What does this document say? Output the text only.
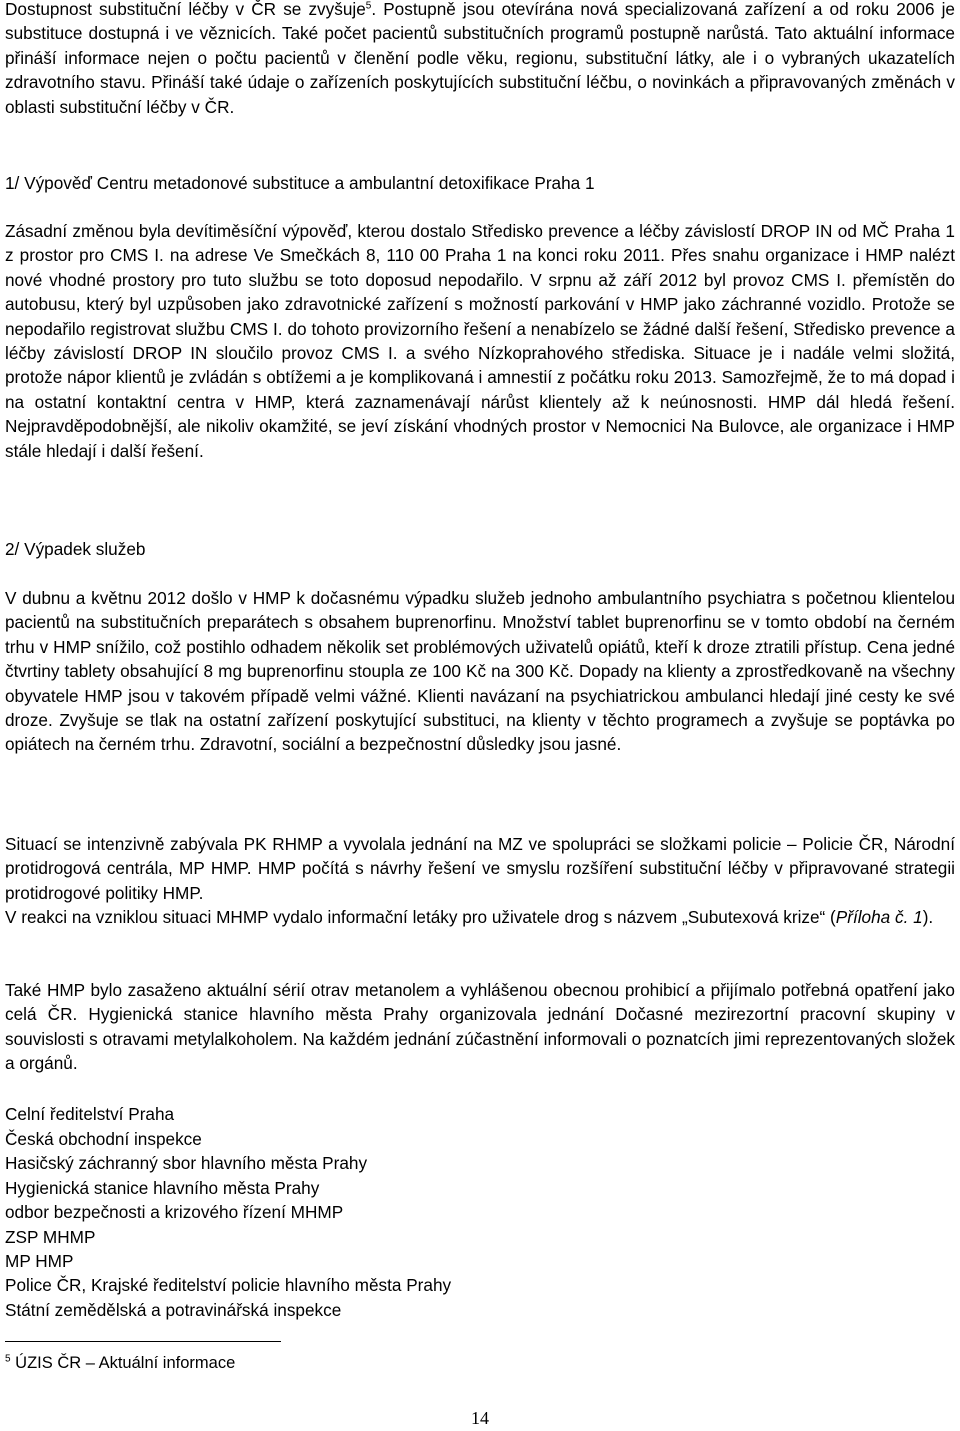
Dostupnost substituční léčby v ČR se zvyšuje$^5$. Postupně jsou otevírána nová specializovaná zařízení a od roku 2006 je substituce dostupná i ve věznicích. Také počet pacientů substitučních programů postupně narůstá. Tato aktuální informace přináší informace nejen o počtu pacientů v členění podle věku, regionu, substituční látky, ale i o vybraných ukazatelích zdravotního stavu. Přináší také údaje o zařízeních poskytujících substituční léčbu, o novinkách a připravovaných změnách v oblasti substituční léčby v ČR.

1/ Výpověď Centru metadonové substituce a ambulantní detoxifikace Praha 1

Zásadní změnou byla devítiměsíční výpověď, kterou dostalo Středisko prevence a léčby závislostí DROP IN od MČ Praha 1 z prostor pro CMS I. na adrese Ve Smečkách 8, 110 00 Praha 1 na konci roku 2011. Přes snahu organizace i HMP nalézt nové vhodné prostory pro tuto službu se toto doposud nepodařilo. V srpnu až září 2012 byl provoz CMS I. přemístěn do autobusu, který byl uzpůsoben jako zdravotnické zařízení s možností parkování v HMP jako záchranné vozidlo. Protože se nepodařilo registrovat službu CMS I. do tohoto provizorního řešení a nenabízelo se žádné další řešení, Středisko prevence a léčby závislostí DROP IN sloučilo provoz CMS I. a svého Nízkoprahového střediska. Situace je i nadále velmi složitá, protože nápor klientů je zvládán s obtížemi a je komplikovaná i amnestií z počátku roku 2013. Samozřejmě, že to má dopad i na ostatní kontaktní centra v HMP, která zaznamenávají nárůst klientely až k neúnosnosti. HMP dál hledá řešení. Nejpravděpodobnější, ale nikoliv okamžité, se jeví získání vhodných prostor v Nemocnici Na Bulovce, ale organizace i HMP stále hledají i další řešení.

2/ Výpadek služeb

V dubnu a květnu 2012 došlo v HMP k dočasnému výpadku služeb jednoho ambulantního psychiatra s početnou klientelou pacientů na substitučních preparátech s obsahem buprenorfinu. Množství tablet buprenorfinu se v tomto období na černém trhu v HMP snížilo, což postihlo odhadem několik set problémových uživatelů opiátů, kteří k droze ztratili přístup. Cena jedné čtvrtiny tablety obsahující 8 mg buprenorfinu stoupla ze 100 Kč na 300 Kč. Dopady na klienty a zprostředkovaně na všechny obyvatele HMP jsou v takovém případě velmi vážné. Klienti navázaní na psychiatrickou ambulanci hledají jiné cesty ke své droze. Zvyšuje se tlak na ostatní zařízení poskytující substituci, na klienty v těchto programech a zvyšuje se poptávka po opiátech na černém trhu. Zdravotní, sociální a bezpečnostní důsledky jsou jasné.

Situací se intenzivně zabývala PK RHMP a vyvolala jednání na MZ ve spolupráci se složkami policie – Policie ČR, Národní protidrogová centrála, MP HMP. HMP počítá s návrhy řešení ve smyslu rozšíření substituční léčby v připravované strategii protidrogové politiky HMP.

V reakci na vzniklou situaci MHMP vydalo informační letáky pro uživatele drog s názvem „Subutexová krize“ (Příloha č. 1).

Také HMP bylo zasaženo aktuální sérií otrav metanolem a vyhlášenou obecnou prohibicí a přijímalo potřebná opatření jako celá ČR. Hygienická stanice hlavního města Prahy organizovala jednání Dočasné mezirezortní pracovní skupiny v souvislosti s otravami metylalkoholem. Na každém jednání zúčastnění informovali o poznatcích jimi reprezentovaných složek a orgánů.

Celní ředitelství Praha
Česká obchodní inspekce
Hasičský záchranný sbor hlavního města Prahy
Hygienická stanice hlavního města Prahy
odbor bezpečnosti a krizového řízení MHMP
ZSP MHMP
MP HMP
Police ČR, Krajské ředitelství policie hlavního města Prahy
Státní zemědělská a potravinářská inspekce
$^5$ ÚZIS ČR – Aktuální informace
14
